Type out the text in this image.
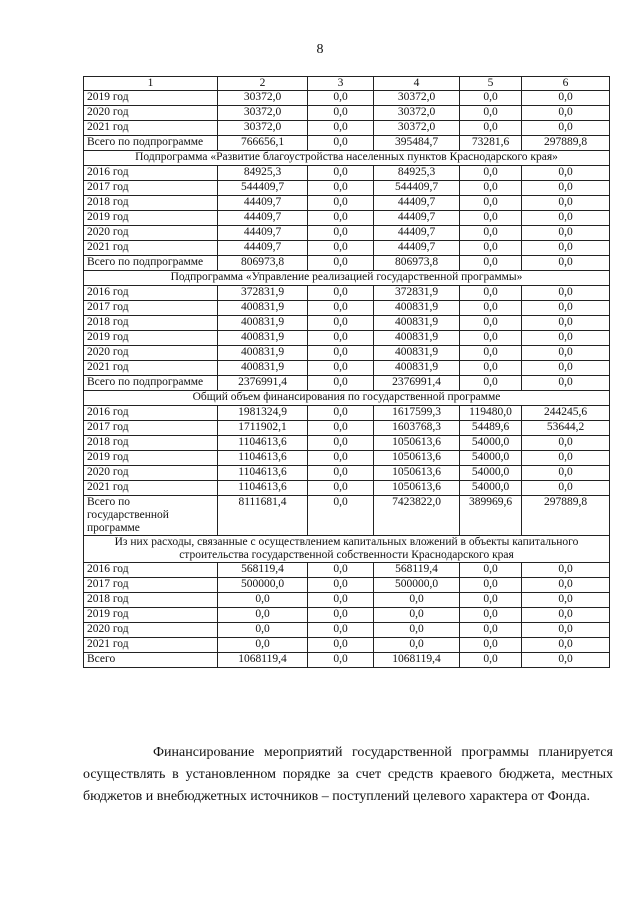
8
1	2	3	4	5	6
2019 год	30372,0	0,0	30372,0	0,0	0,0
2020 год	30372,0	0,0	30372,0	0,0	0,0
2021 год	30372,0	0,0	30372,0	0,0	0,0
Всего по подпрограмме	766656,1	0,0	395484,7	73281,6	297889,8
Подпрограмма «Развитие благоустройства населенных пунктов Краснодарского края»					
2016 год	84925,3	0,0	84925,3	0,0	0,0
2017 год	544409,7	0,0	544409,7	0,0	0,0
2018 год	44409,7	0,0	44409,7	0,0	0,0
2019 год	44409,7	0,0	44409,7	0,0	0,0
2020 год	44409,7	0,0	44409,7	0,0	0,0
2021 год	44409,7	0,0	44409,7	0,0	0,0
Всего по подпрограмме	806973,8	0,0	806973,8	0,0	0,0
Подпрограмма «Управление реализацией государственной программы»					
2016 год	372831,9	0,0	372831,9	0,0	0,0
2017 год	400831,9	0,0	400831,9	0,0	0,0
2018 год	400831,9	0,0	400831,9	0,0	0,0
2019 год	400831,9	0,0	400831,9	0,0	0,0
2020 год	400831,9	0,0	400831,9	0,0	0,0
2021 год	400831,9	0,0	400831,9	0,0	0,0
Всего по подпрограмме	2376991,4	0,0	2376991,4	0,0	0,0
Общий объем финансирования по государственной программе					
2016 год	1981324,9	0,0	1617599,3	119480,0	244245,6
2017 год	1711902,1	0,0	1603768,3	54489,6	53644,2
2018 год	1104613,6	0,0	1050613,6	54000,0	0,0
2019 год	1104613,6	0,0	1050613,6	54000,0	0,0
2020 год	1104613,6	0,0	1050613,6	54000,0	0,0
2021 год	1104613,6	0,0	1050613,6	54000,0	0,0
Всего по государственной программе	8111681,4	0,0	7423822,0	389969,6	297889,8
Из них расходы, связанные с осуществлением капитальных вложений в объекты капитального строительства государственной собственности Краснодарского края					
2016 год	568119,4	0,0	568119,4	0,0	0,0
2017 год	500000,0	0,0	500000,0	0,0	0,0
2018 год	0,0	0,0	0,0	0,0	0,0
2019 год	0,0	0,0	0,0	0,0	0,0
2020 год	0,0	0,0	0,0	0,0	0,0
2021 год	0,0	0,0	0,0	0,0	0,0
Всего	1068119,4	0,0	1068119,4	0,0	0,0

Финансирование мероприятий государственной программы планируется осуществлять в установленном порядке за счет средств краевого бюджета, местных бюджетов и внебюджетных источников – поступлений целевого характера от Фонда.
